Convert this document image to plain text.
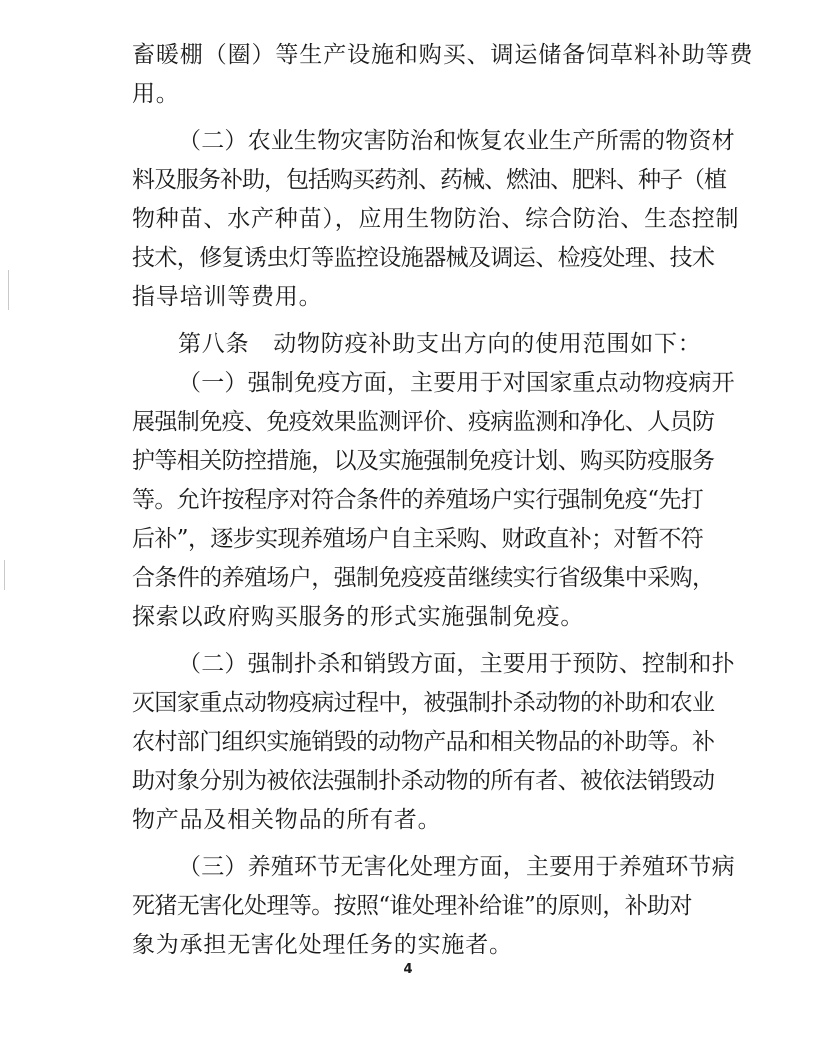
畜暖棚（圈）等生产设施和购买、调运储备饲草料补助等费
用。
（二）农业生物灾害防治和恢复农业生产所需的物资材
料及服务补助，包括购买药剂、药械、燃油、肥料、种子（植
物种苗、水产种苗），应用生物防治、综合防治、生态控制
技术，修复诱虫灯等监控设施器械及调运、检疫处理、技术
指导培训等费用。
第八条　动物防疫补助支出方向的使用范围如下：
（一）强制免疫方面，主要用于对国家重点动物疫病开
展强制免疫、免疫效果监测评价、疫病监测和净化、人员防
护等相关防控措施，以及实施强制免疫计划、购买防疫服务
等。允许按程序对符合条件的养殖场户实行强制免疫“先打
后补”，逐步实现养殖场户自主采购、财政直补；对暂不符
合条件的养殖场户，强制免疫疫苗继续实行省级集中采购，
探索以政府购买服务的形式实施强制免疫。
（二）强制扑杀和销毁方面，主要用于预防、控制和扑
灭国家重点动物疫病过程中，被强制扑杀动物的补助和农业
农村部门组织实施销毁的动物产品和相关物品的补助等。补
助对象分别为被依法强制扑杀动物的所有者、被依法销毁动
物产品及相关物品的所有者。
（三）养殖环节无害化处理方面，主要用于养殖环节病
死猪无害化处理等。按照“谁处理补给谁”的原则，补助对
象为承担无害化处理任务的实施者。
4
